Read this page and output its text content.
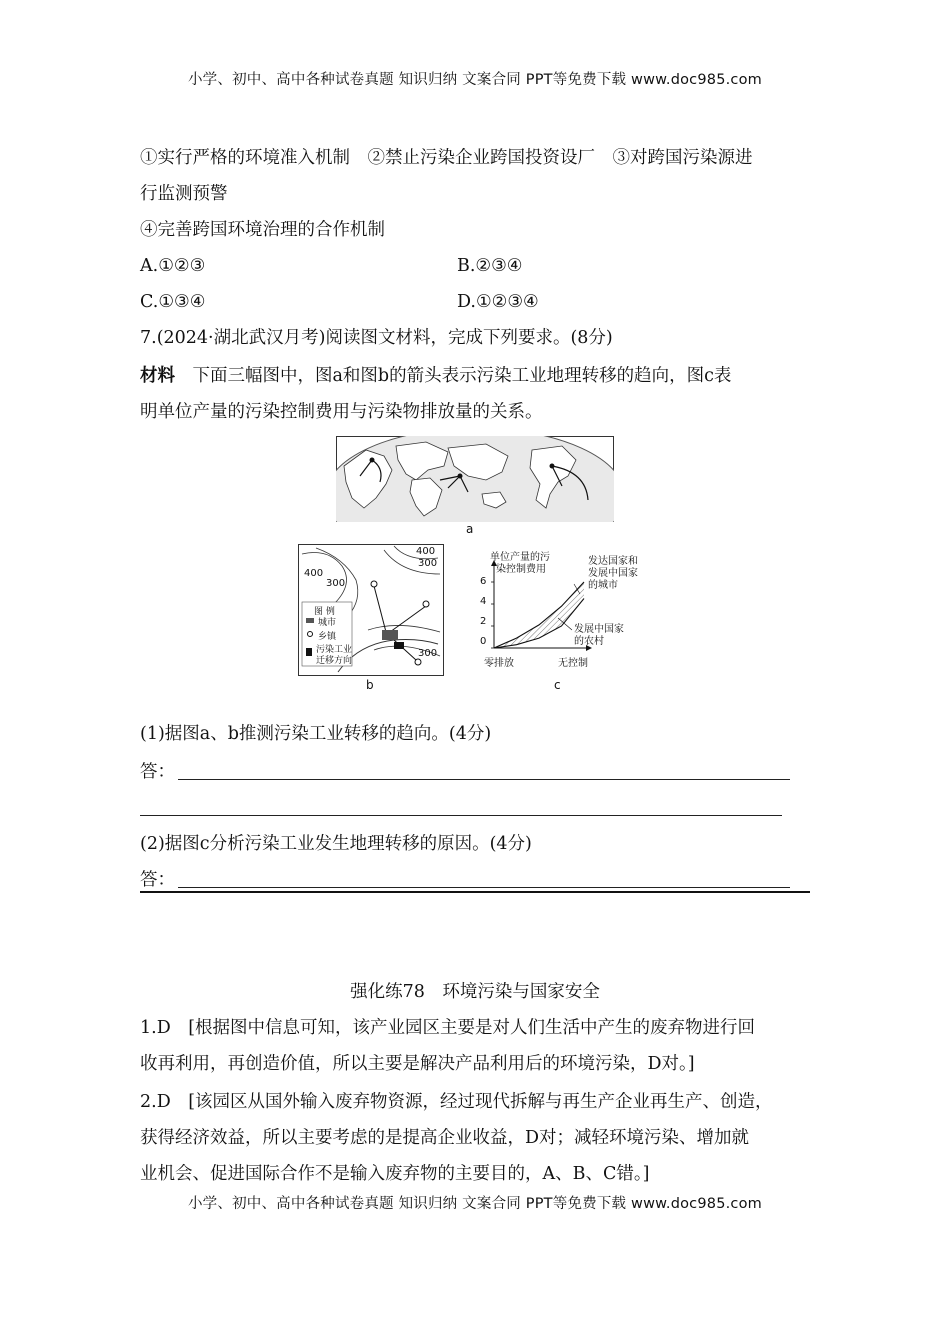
小学、初中、高中各种试卷真题 知识归纳 文案合同 PPT等免费下载 www.doc985.com
①实行严格的环境准入机制　②禁止污染企业跨国投资设厂　③对跨国污染源进
行监测预警
④完善跨国环境治理的合作机制
A.①②③	B.②③④
C.①③④	D.①②③④
7.(2024·湖北武汉月考)阅读图文材料，完成下列要求。(8分)
材料　 下面三幅图中，图a和图b的箭头表示污染工业地理转移的趋向，图c表
明单位产量的污染控制费用与污染物排放量的关系。
a
400
300
400
300
300
图 例
城市
乡镇
污染工业
迁移方向
b
单位产量的污
染控制费用
6
4
2
0
零排放	无控制
发达国家和
发展中国家
的城市
发展中国家
的农村
c
(1)据图a、b推测污染工业转移的趋向。(4分)
答：
(2)据图c分析污染工业发生地理转移的原因。(4分)
答：
强化练78　环境污染与国家安全
1.D　[根据图中信息可知，该产业园区主要是对人们生活中产生的废弃物进行回
收再利用，再创造价值，所以主要是解决产品利用后的环境污染，D对。]
2.D　[该园区从国外输入废弃物资源，经过现代拆解与再生产企业再生产、创造，
获得经济效益，所以主要考虑的是提高企业收益，D对；减轻环境污染、增加就
业机会、促进国际合作不是输入废弃物的主要目的，A、B、C错。]
小学、初中、高中各种试卷真题 知识归纳 文案合同 PPT等免费下载 www.doc985.com
